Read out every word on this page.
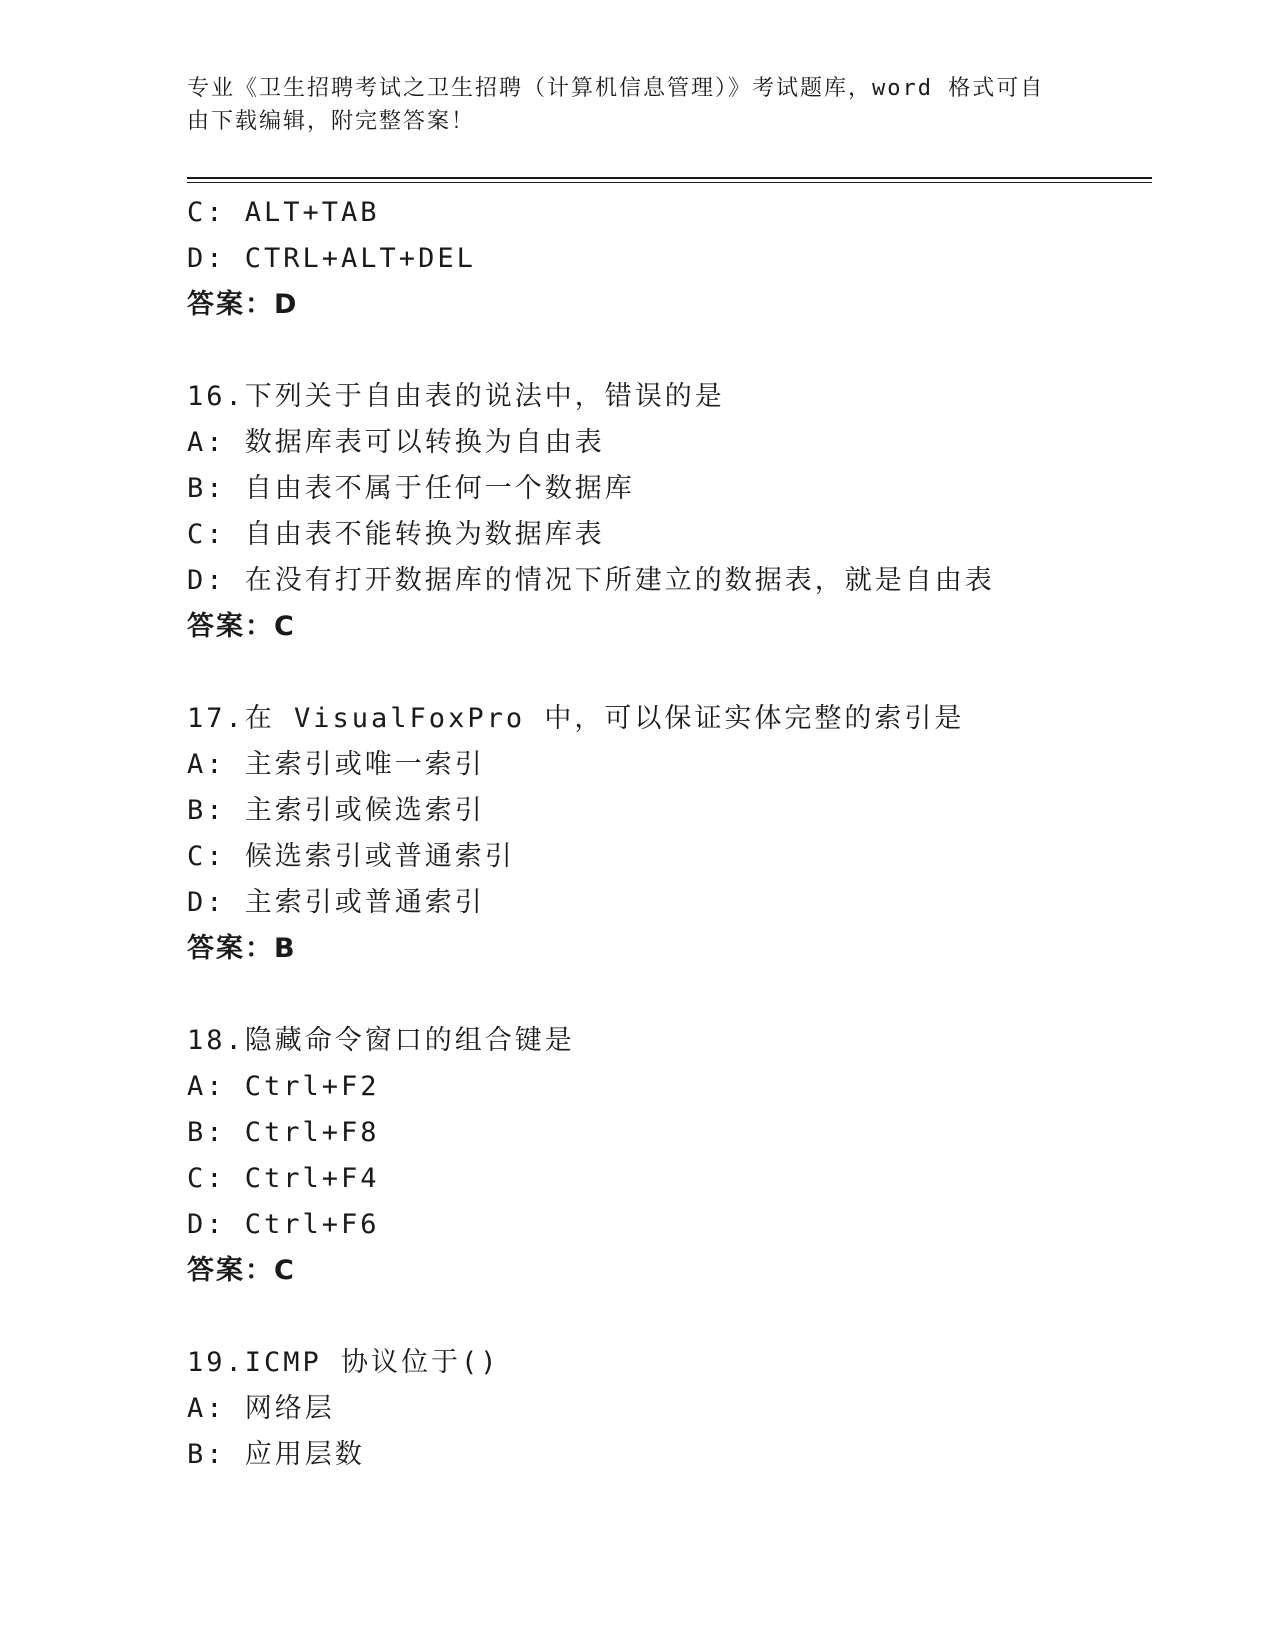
专业《卫生招聘考试之卫生招聘（计算机信息管理）》考试题库，word 格式可自
由下载编辑，附完整答案！
C: ALT+TAB
D: CTRL+ALT+DEL
答案：D
16.下列关于自由表的说法中，错误的是
A: 数据库表可以转换为自由表
B: 自由表不属于任何一个数据库
C: 自由表不能转换为数据库表
D: 在没有打开数据库的情况下所建立的数据表，就是自由表
答案：C
17.在 VisualFoxPro 中，可以保证实体完整的索引是
A: 主索引或唯一索引
B: 主索引或候选索引
C: 候选索引或普通索引
D: 主索引或普通索引
答案：B
18.隐藏命令窗口的组合键是
A: Ctrl+F2
B: Ctrl+F8
C: Ctrl+F4
D: Ctrl+F6
答案：C
19.ICMP 协议位于()
A: 网络层
B: 应用层数
